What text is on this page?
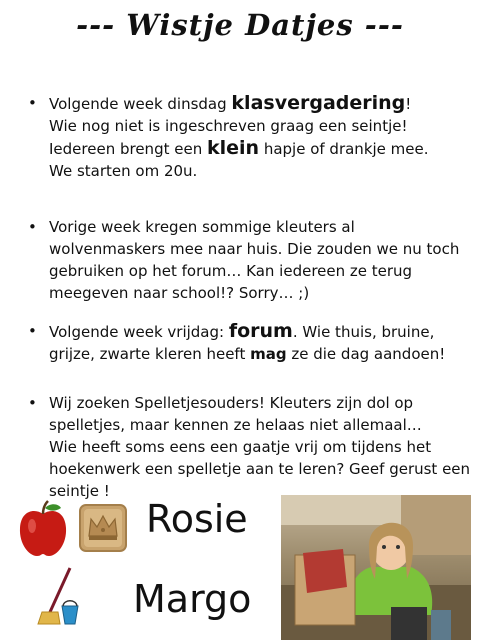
--- Wistje Datjes ---
• Volgende week dinsdag klasvergadering!
Wie nog niet is ingeschreven graag een seintje!
Iedereen brengt een klein hapje of drankje mee.
We starten om 20u.
• Vorige week kregen sommige kleuters al
wolvenmaskers mee naar huis. Die zouden we nu toch
gebruiken op het forum… Kan iedereen ze terug
meegeven naar school!? Sorry… ;)
• Volgende week vrijdag: forum. Wie thuis, bruine,
grijze, zwarte kleren heeft mag ze die dag aandoen!
• Wij zoeken Spelletjesouders! Kleuters zijn dol op
spelletjes, maar kennen ze helaas niet allemaal…
Wie heeft soms eens een gaatje vrij om tijdens het
hoekenwerk een spelletje aan te leren? Geef gerust een
seintje !
Rosie
Margo
